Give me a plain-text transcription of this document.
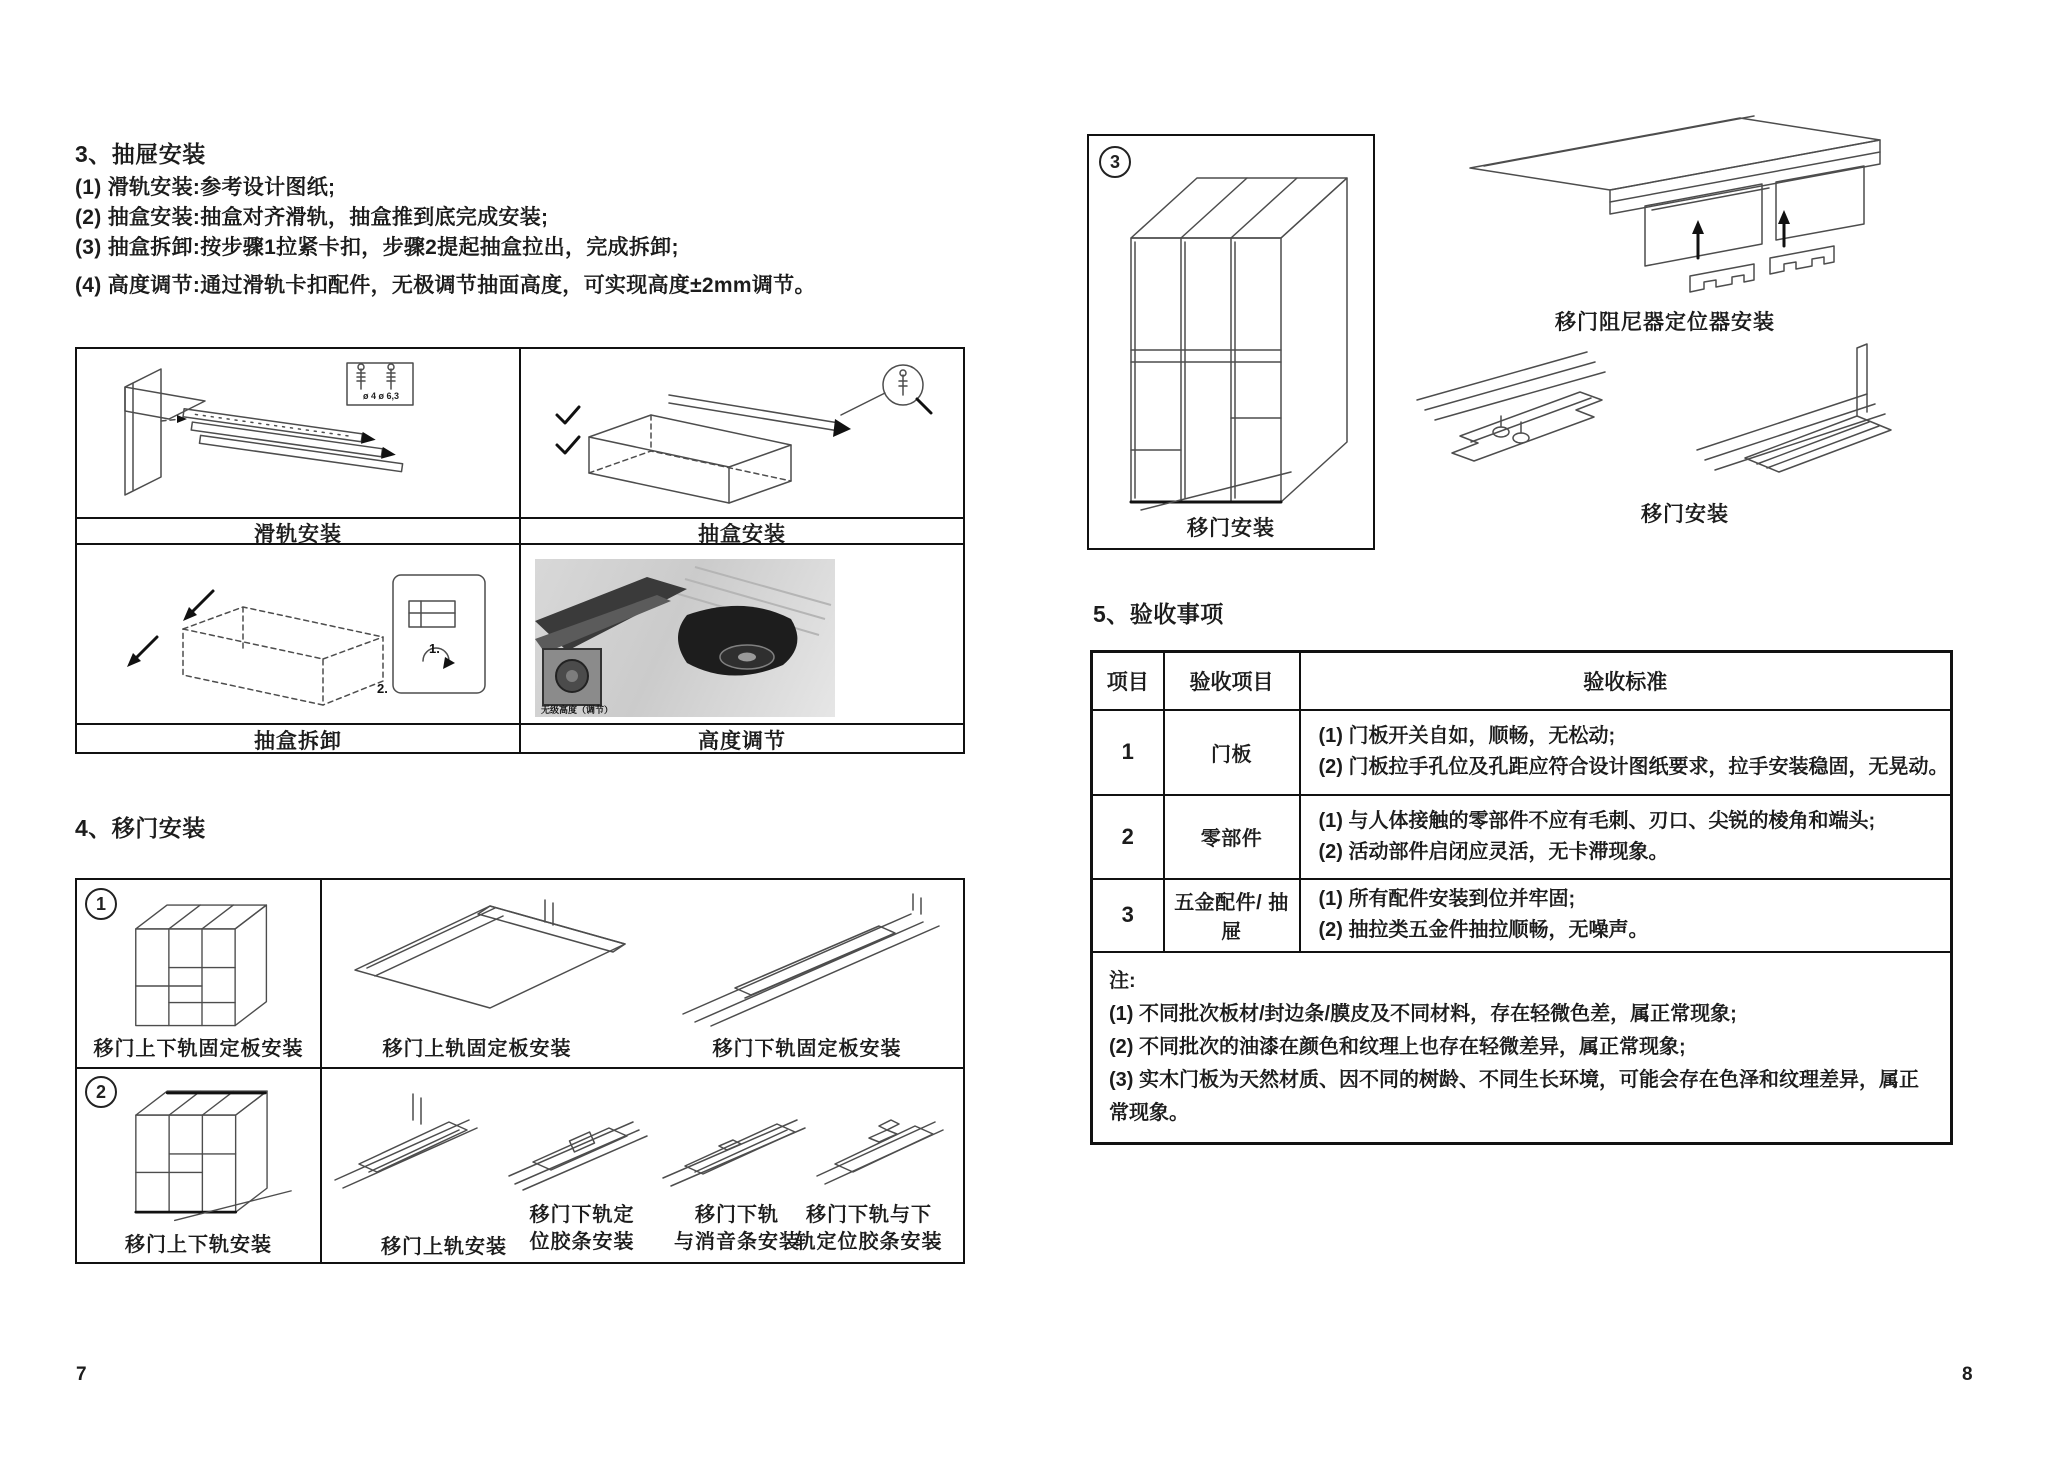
3、抽屉安装
(1) 滑轨安装:参考设计图纸;
(2) 抽盒安装:抽盒对齐滑轨，抽盒推到底完成安装;
(3) 抽盒拆卸:按步骤1拉紧卡扣，步骤2提起抽盒拉出，完成拆卸;
(4) 高度调节:通过滑轨卡扣配件，无极调节抽面高度，可实现高度±2mm调节。
ø 4 ø 6,3
1.
2.
无级高度（调节）
滑轨安装	抽盒安装
抽盒拆卸	高度调节
4、移门安装
1
移门上下轨固定板安装
2
移门上下轨安装
移门上轨固定板安装	移门下轨固定板安装
移门上轨安装
移门下轨定
位胶条安装
移门下轨
与消音条安装
移门下轨与下
轨定位胶条安装
7
3
移门安装
移门阻尼器定位器安装
移门安装
5、验收事项
项目	验收项目	验收标准
1	门板	(1) 门板开关自如，顺畅，无松动;
(2) 门板拉手孔位及孔距应符合设计图纸要求，拉手安装稳固，无晃动。

2	零部件	(1) 与人体接触的零部件不应有毛刺、刃口、尖锐的棱角和端头;
(2) 活动部件启闭应灵活，无卡滞现象。

3	五金配件/ 抽屉	(1) 所有配件安装到位并牢固;
(2) 抽拉类五金件抽拉顺畅，无噪声。

注:
(1) 不同批次板材/封边条/膜皮及不同材料，存在轻微色差，属正常现象;
(2) 不同批次的油漆在颜色和纹理上也存在轻微差异，属正常现象;
(3) 实木门板为天然材质、因不同的树龄、不同生长环境，可能会存在色泽和纹理差异，属正常现象。		
8
